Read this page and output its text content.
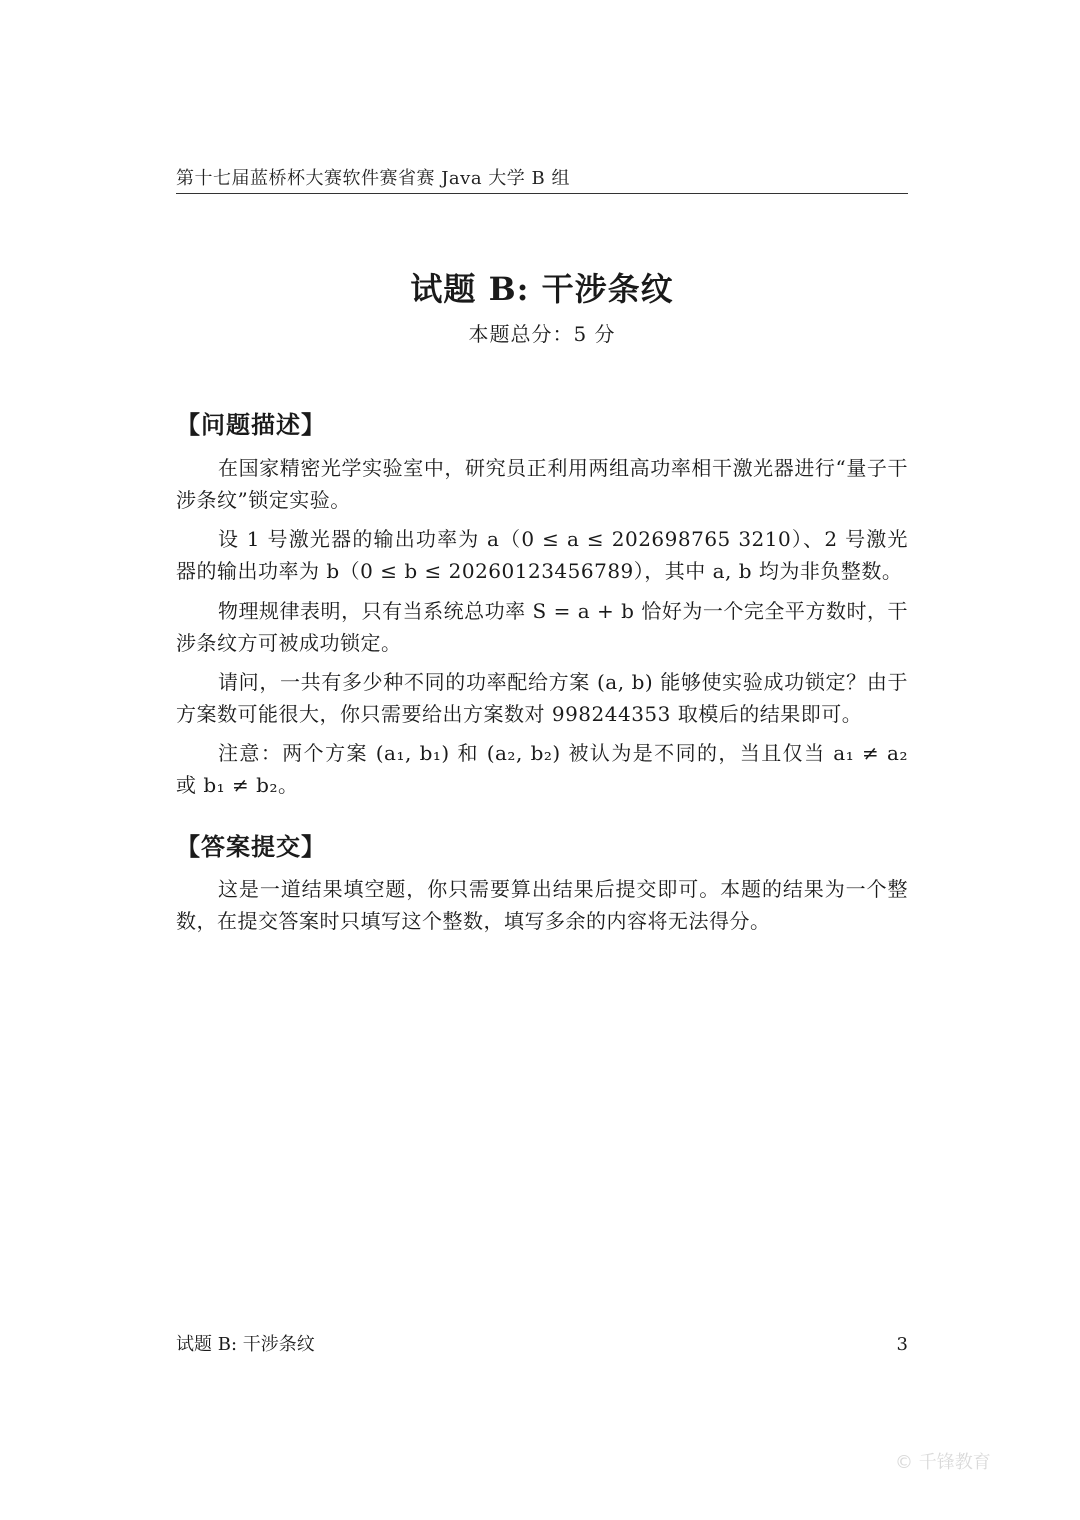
第十七届蓝桥杯大赛软件赛省赛 Java 大学 B 组
试题 B: 干涉条纹
本题总分：5 分
【问题描述】

在国家精密光学实验室中，研究员正利用两组高功率相干激光器进行“量子干涉条纹”锁定实验。

设 1 号激光器的输出功率为 a（0 ≤ a ≤ 202698765 3210）、2 号激光器的输出功率为 b（0 ≤ b ≤ 20260123456789），其中 a, b 均为非负整数。

物理规律表明，只有当系统总功率 S = a + b 恰好为一个完全平方数时，干涉条纹方可被成功锁定。

请问，一共有多少种不同的功率配给方案 (a, b) 能够使实验成功锁定？由于方案数可能很大，你只需要给出方案数对 998244353 取模后的结果即可。

注意：两个方案 (a₁, b₁) 和 (a₂, b₂) 被认为是不同的，当且仅当 a₁ ≠ a₂ 或 b₁ ≠ b₂。

【答案提交】

这是一道结果填空题，你只需要算出结果后提交即可。本题的结果为一个整数，在提交答案时只填写这个整数，填写多余的内容将无法得分。

试题 B: 干涉条纹	3
© 千锋教育
